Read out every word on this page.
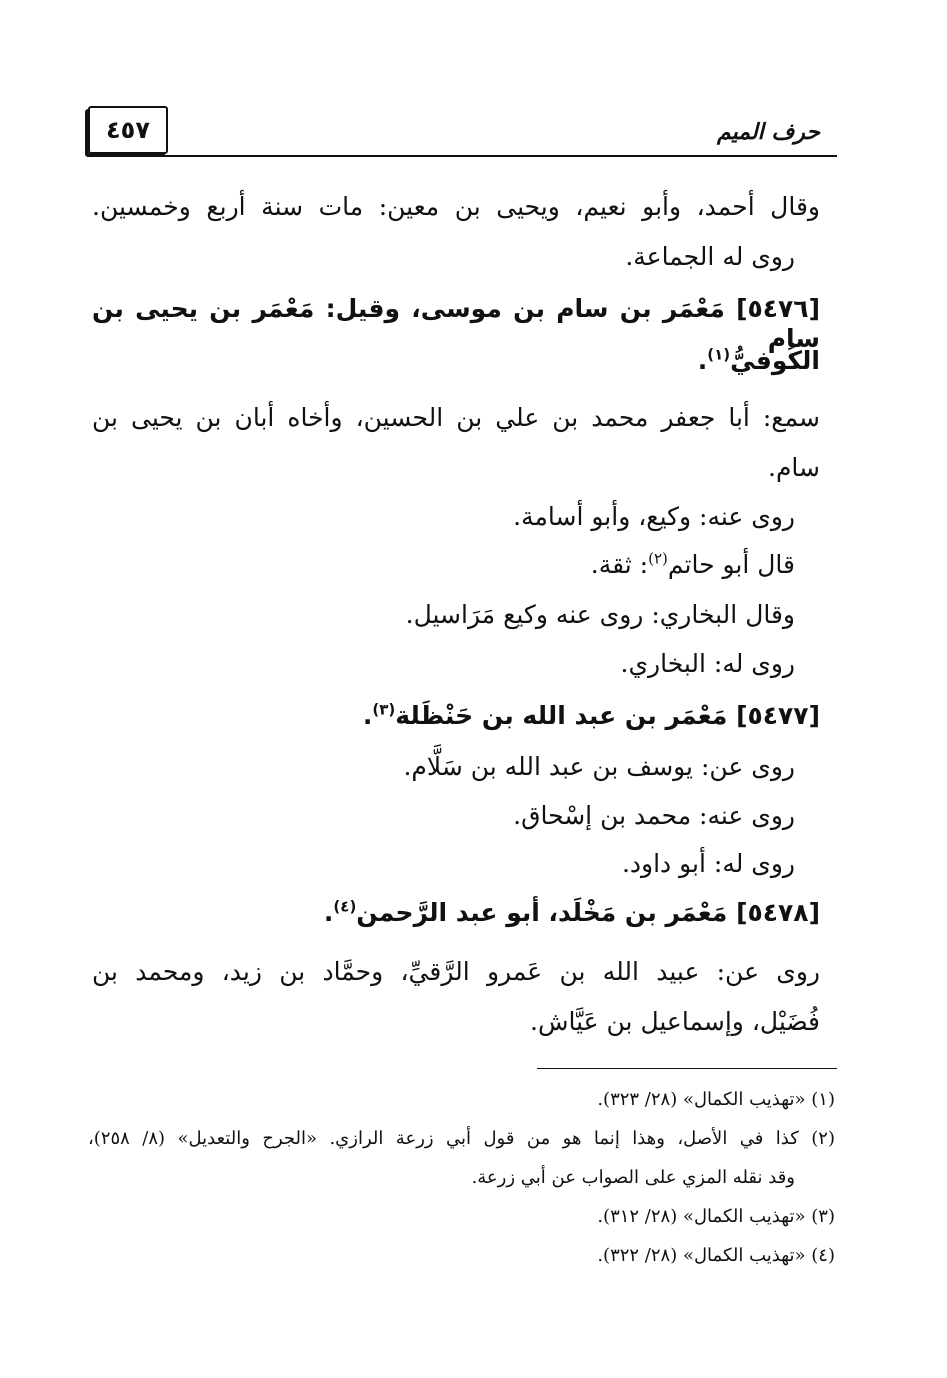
حرف الميم
٤٥٧
وقال أحمد، وأبو نعيم، ويحيى بن معين: مات سنة أربع وخمسين.
روى له الجماعة.
[٥٤٧٦] مَعْمَر بن سام بن موسى، وقيل: مَعْمَر بن يحيى بن سام
الكُوفيُّ$^{(١)}$.
سمع: أبا جعفر محمد بن علي بن الحسين، وأخاه أبان بن يحيى بن
سام.
روى عنه: وكيع، وأبو أسامة.
قال أبو حاتم$^{(٢)}$: ثقة.
وقال البخاري: روى عنه وكيع مَرَاسيل.
روى له: البخاري.
[٥٤٧٧] مَعْمَر بن عبد الله بن حَنْظَلة$^{(٣)}$.
روى عن: يوسف بن عبد الله بن سَلَّام.
روى عنه: محمد بن إسْحاق.
روى له: أبو داود.
[٥٤٧٨] مَعْمَر بن مَخْلَد، أبو عبد الرَّحمن$^{(٤)}$.
روى عن: عبيد الله بن عَمرو الرَّقيِّ، وحمَّاد بن زيد، ومحمد بن
فُضَيْل، وإسماعيل بن عَيَّاش.
(١) «تهذيب الكمال» (٢٨/ ٣٢٣).
(٢) كذا في الأصل، وهذا إنما هو من قول أبي زرعة الرازي. «الجرح والتعديل» (٨/ ٢٥٨)،
وقد نقله المزي على الصواب عن أبي زرعة.
(٣) «تهذيب الكمال» (٢٨/ ٣١٢).
(٤) «تهذيب الكمال» (٢٨/ ٣٢٢).
